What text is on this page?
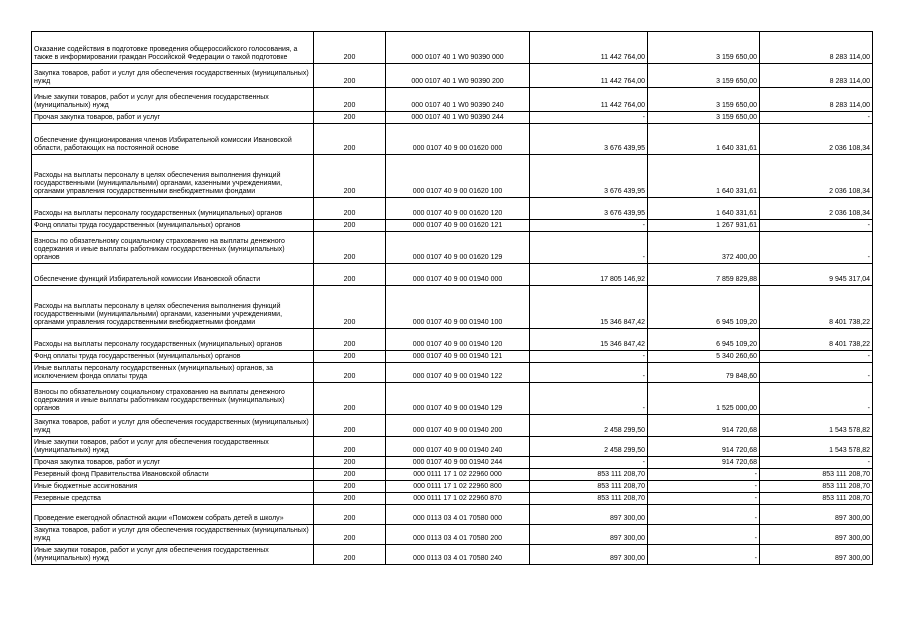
Оказание содействия в подготовке проведения общероссийского голосования, а также в информировании граждан Российской Федерации о такой подготовке	200	000 0107 40 1 W0 90390 000	11 442 764,00	3 159 650,00	8 283 114,00
Закупка товаров, работ и услуг для обеспечения государственных (муниципальных) нужд	200	000 0107 40 1 W0 90390 200	11 442 764,00	3 159 650,00	8 283 114,00
Иные закупки товаров, работ и услуг для обеспечения государственных (муниципальных) нужд	200	000 0107 40 1 W0 90390 240	11 442 764,00	3 159 650,00	8 283 114,00
Прочая закупка товаров, работ и услуг	200	000 0107 40 1 W0 90390 244	-	3 159 650,00	-
Обеспечение функционирования членов Избирательной комиссии Ивановской области, работающих на постоянной основе	200	000 0107 40 9 00 01620 000	3 676 439,95	1 640 331,61	2 036 108,34
Расходы на выплаты персоналу в целях обеспечения выполнения функций государственными (муниципальными) органами, казенными учреждениями, органами управления государственными внебюджетными фондами	200	000 0107 40 9 00 01620 100	3 676 439,95	1 640 331,61	2 036 108,34
Расходы на выплаты персоналу государственных (муниципальных) органов	200	000 0107 40 9 00 01620 120	3 676 439,95	1 640 331,61	2 036 108,34
Фонд оплаты труда государственных (муниципальных) органов	200	000 0107 40 9 00 01620 121	-	1 267 931,61	-
Взносы по обязательному социальному страхованию на выплаты денежного содержания и иные выплаты работникам государственных (муниципальных) органов	200	000 0107 40 9 00 01620 129	-	372 400,00	-
Обеспечение функций Избирательной комиссии Ивановской области	200	000 0107 40 9 00 01940 000	17 805 146,92	7 859 829,88	9 945 317,04
Расходы на выплаты персоналу в целях обеспечения выполнения функций государственными (муниципальными) органами, казенными учреждениями, органами управления государственными внебюджетными фондами	200	000 0107 40 9 00 01940 100	15 346 847,42	6 945 109,20	8 401 738,22
Расходы на выплаты персоналу государственных (муниципальных) органов	200	000 0107 40 9 00 01940 120	15 346 847,42	6 945 109,20	8 401 738,22
Фонд оплаты труда государственных (муниципальных) органов	200	000 0107 40 9 00 01940 121	-	5 340 260,60	-
Иные выплаты персоналу государственных (муниципальных) органов, за исключением фонда оплаты труда	200	000 0107 40 9 00 01940 122	-	79 848,60	-
Взносы по обязательному социальному страхованию на выплаты денежного содержания и иные выплаты работникам государственных (муниципальных) органов	200	000 0107 40 9 00 01940 129	-	1 525 000,00	-
Закупка товаров, работ и услуг для обеспечения государственных (муниципальных) нужд	200	000 0107 40 9 00 01940 200	2 458 299,50	914 720,68	1 543 578,82
Иные закупки товаров, работ и услуг для обеспечения государственных (муниципальных) нужд	200	000 0107 40 9 00 01940 240	2 458 299,50	914 720,68	1 543 578,82
Прочая закупка товаров, работ и услуг	200	000 0107 40 9 00 01940 244	-	914 720,68	-
Резервный фонд Правительства Ивановской области	200	000 0111 17 1 02 22960 000	853 111 208,70	-	853 111 208,70
Иные бюджетные ассигнования	200	000 0111 17 1 02 22960 800	853 111 208,70	-	853 111 208,70
Резервные средства	200	000 0111 17 1 02 22960 870	853 111 208,70	-	853 111 208,70
Проведение ежегодной областной акции «Поможем собрать детей в школу»	200	000 0113 03 4 01 70580 000	897 300,00	-	897 300,00
Закупка товаров, работ и услуг для обеспечения государственных (муниципальных) нужд	200	000 0113 03 4 01 70580 200	897 300,00	-	897 300,00
Иные закупки товаров, работ и услуг для обеспечения государственных (муниципальных) нужд	200	000 0113 03 4 01 70580 240	897 300,00	-	897 300,00
